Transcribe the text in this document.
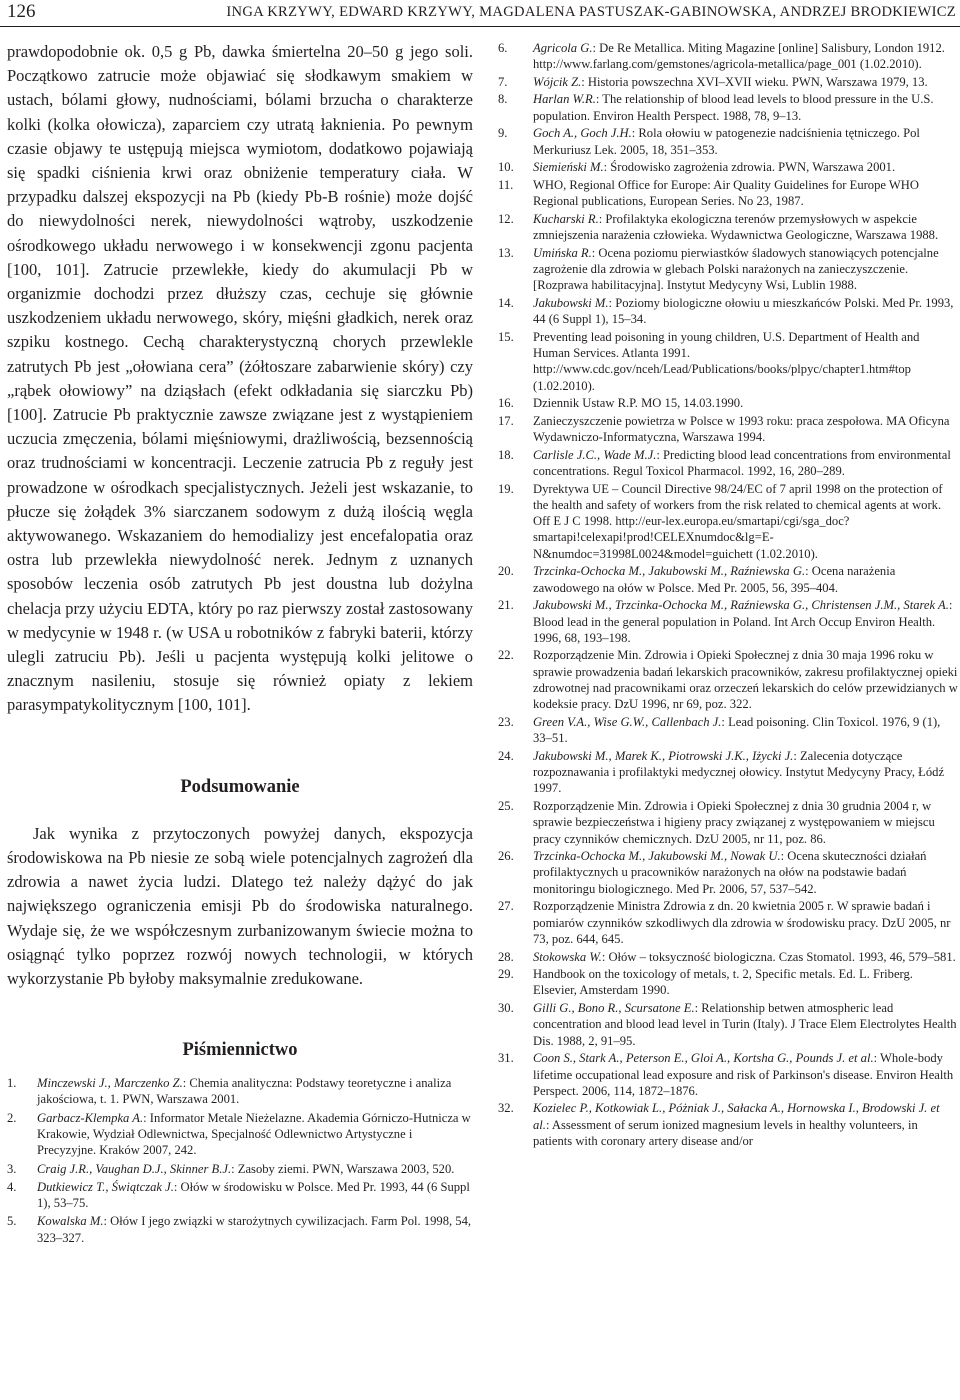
126	INGA KRZYWY, EDWARD KRZYWY, MAGDALENA PASTUSZAK-GABINOWSKA, ANDRZEJ BRODKIEWICZ

prawdopodobnie ok. 0,5 g Pb, dawka śmiertelna 20–50 g jego soli. Początkowo zatrucie może objawiać się słodkawym smakiem w ustach, bólami głowy, nudnościami, bólami brzucha o charakterze kolki (kolka ołowicza), zaparciem czy utratą łaknienia. Po pewnym czasie objawy te ustępują miejsca wymiotom, dodatkowo pojawiają się spadki ciśnienia krwi oraz obniżenie temperatury ciała. W przypadku dalszej ekspozycji na Pb (kiedy Pb-B rośnie) może dojść do niewydolności nerek, niewydolności wątroby, uszkodzenie ośrodkowego układu nerwowego i w konsekwencji zgonu pacjenta [100, 101]. Zatrucie przewlekłe, kiedy do akumulacji Pb w organizmie dochodzi przez dłuższy czas, cechuje się głównie uszkodzeniem układu nerwowego, skóry, mięśni gładkich, nerek oraz szpiku kostnego. Cechą charakterystyczną chorych przewlekle zatrutych Pb jest „ołowiana cera” (żółtoszare zabarwienie skóry) czy „rąbek ołowiowy” na dziąsłach (efekt odkładania się siarczku Pb) [100]. Zatrucie Pb praktycznie zawsze związane jest z wystąpieniem uczucia zmęczenia, bólami mięśniowymi, drażliwością, bezsennością oraz trudnościami w koncentracji. Leczenie zatrucia Pb z reguły jest prowadzone w ośrodkach specjalistycznych. Jeżeli jest wskazanie, to płucze się żołądek 3% siarczanem sodowym z dużą ilością węgla aktywowanego. Wskazaniem do hemodializy jest encefalopatia oraz ostra lub przewlekła niewydolność nerek. Jednym z uznanych sposobów leczenia osób zatrutych Pb jest doustna lub dożylna chelacja przy użyciu EDTA, który po raz pierwszy został zastosowany w medycynie w 1948 r. (w USA u robotników z fabryki baterii, którzy ulegli zatruciu Pb). Jeśli u pacjenta występują kolki jelitowe o znacznym nasileniu, stosuje się również opiaty z lekiem parasympatykolitycznym [100, 101].

Podsumowanie

Jak wynika z przytoczonych powyżej danych, ekspozycja środowiskowa na Pb niesie ze sobą wiele potencjalnych zagrożeń dla zdrowia a nawet życia ludzi. Dlatego też należy dążyć do jak największego ograniczenia emisji Pb do środowiska naturalnego. Wydaje się, że we współczesnym zurbanizowanym świecie można to osiągnąć tylko poprzez rozwój nowych technologii, w których wykorzystanie Pb byłoby maksymalnie zredukowane.

Piśmiennictwo
1.	Minczewski J., Marczenko Z.: Chemia analityczna: Podstawy teoretyczne i analiza jakościowa, t. 1. PWN, Warszawa 2001.
2.	Garbacz-Klempka A.: Informator Metale Nieżelazne. Akademia Górniczo-Hutnicza w Krakowie, Wydział Odlewnictwa, Specjalność Odlewnictwo Artystyczne i Precyzyjne. Kraków 2007, 242.
3.	Craig J.R., Vaughan D.J., Skinner B.J.: Zasoby ziemi. PWN, Warszawa 2003, 520.
4.	Dutkiewicz T., Świątczak J.: Ołów w środowisku w Polsce. Med Pr. 1993, 44 (6 Suppl 1), 53–75.
5.	Kowalska M.: Ołów I jego związki w starożytnych cywilizacjach. Farm Pol. 1998, 54, 323–327.
6.	Agricola G.: De Re Metallica. Miting Magazine [online] Salisbury, London 1912. http://www.farlang.com/gemstones/agricola-metallica/page_001 (1.02.2010).
7.	Wójcik Z.: Historia powszechna XVI–XVII wieku. PWN, Warszawa 1979, 13.
8.	Harlan W.R.: The relationship of blood lead levels to blood pressure in the U.S. population. Environ Health Perspect. 1988, 78, 9–13.
9.	Goch A., Goch J.H.: Rola ołowiu w patogenezie nadciśnienia tętniczego. Pol Merkuriusz Lek. 2005, 18, 351–353.
10.	Siemieński M.: Środowisko zagrożenia zdrowia. PWN, Warszawa 2001.
11.	WHO, Regional Office for Europe: Air Quality Guidelines for Europe WHO Regional publications, European Series. No 23, 1987.
12.	Kucharski R.: Profilaktyka ekologiczna terenów przemysłowych w aspekcie zmniejszenia narażenia człowieka. Wydawnictwa Geologiczne, Warszawa 1988.
13.	Umińska R.: Ocena poziomu pierwiastków śladowych stanowiących potencjalne zagrożenie dla zdrowia w glebach Polski narażonych na zanieczyszczenie. [Rozprawa habilitacyjna]. Instytut Medycyny Wsi, Lublin 1988.
14.	Jakubowski M.: Poziomy biologiczne ołowiu u mieszkańców Polski. Med Pr. 1993, 44 (6 Suppl 1), 15–34.
15.	Preventing lead poisoning in young children, U.S. Department of Health and Human Services. Atlanta 1991. http://www.cdc.gov/nceh/Lead/Publications/books/plpyc/chapter1.htm#top (1.02.2010).
16.	Dziennik Ustaw R.P. MO 15, 14.03.1990.
17.	Zanieczyszczenie powietrza w Polsce w 1993 roku: praca zespołowa. MA Oficyna Wydawniczo-Informatyczna, Warszawa 1994.
18.	Carlisle J.C., Wade M.J.: Predicting blood lead concentrations from environmental concentrations. Regul Toxicol Pharmacol. 1992, 16, 280–289.
19.	Dyrektywa UE – Council Directive 98/24/EC of 7 april 1998 on the protection of the health and safety of workers from the risk related to chemical agents at work. Off E J C 1998. http://eur-lex.europa.eu/smartapi/cgi/sga_doc?smartapi!celexapi!prod!CELEXnumdoc&lg=E-N&numdoc=31998L0024&model=guichett (1.02.2010).
20.	Trzcinka-Ochocka M., Jakubowski M., Raźniewska G.: Ocena narażenia zawodowego na ołów w Polsce. Med Pr. 2005, 56, 395–404.
21.	Jakubowski M., Trzcinka-Ochocka M., Raźniewska G., Christensen J.M., Starek A.: Blood lead in the general population in Poland. Int Arch Occup Environ Health. 1996, 68, 193–198.
22.	Rozporządzenie Min. Zdrowia i Opieki Społecznej z dnia 30 maja 1996 roku w sprawie prowadzenia badań lekarskich pracowników, zakresu profilaktycznej opieki zdrowotnej nad pracownikami oraz orzeczeń lekarskich do celów przewidzianych w kodeksie pracy. DzU 1996, nr 69, poz. 322.
23.	Green V.A., Wise G.W., Callenbach J.: Lead poisoning. Clin Toxicol. 1976, 9 (1), 33–51.
24.	Jakubowski M., Marek K., Piotrowski J.K., Iżycki J.: Zalecenia dotyczące rozpoznawania i profilaktyki medycznej ołowicy. Instytut Medycyny Pracy, Łódź 1997.
25.	Rozporządzenie Min. Zdrowia i Opieki Społecznej z dnia 30 grudnia 2004 r, w sprawie bezpieczeństwa i higieny pracy związanej z występowaniem w miejscu pracy czynników chemicznych. DzU 2005, nr 11, poz. 86.
26.	Trzcinka-Ochocka M., Jakubowski M., Nowak U.: Ocena skuteczności działań profilaktycznych u pracowników narażonych na ołów na podstawie badań monitoringu biologicznego. Med Pr. 2006, 57, 537–542.
27.	Rozporządzenie Ministra Zdrowia z dn. 20 kwietnia 2005 r. W sprawie badań i pomiarów czynników szkodliwych dla zdrowia w środowisku pracy. DzU 2005, nr 73, poz. 644, 645.
28.	Stokowska W.: Ołów – toksyczność biologiczna. Czas Stomatol. 1993, 46, 579–581.
29.	Handbook on the toxicology of metals, t. 2, Specific metals. Ed. L. Friberg. Elsevier, Amsterdam 1990.
30.	Gilli G., Bono R., Scursatone E.: Relationship betwen atmospheric lead concentration and blood lead level in Turin (Italy). J Trace Elem Electrolytes Health Dis. 1988, 2, 91–95.
31.	Coon S., Stark A., Peterson E., Gloi A., Kortsha G., Pounds J. et al.: Whole-body lifetime occupational lead exposure and risk of Parkinson's disease. Environ Health Perspect. 2006, 114, 1872–1876.
32.	Kozielec P., Kotkowiak L., Póżniak J., Sałacka A., Hornowska I., Brodowski J. et al.: Assessment of serum ionized magnesium levels in healthy volunteers, in patients with coronary artery disease and/or
